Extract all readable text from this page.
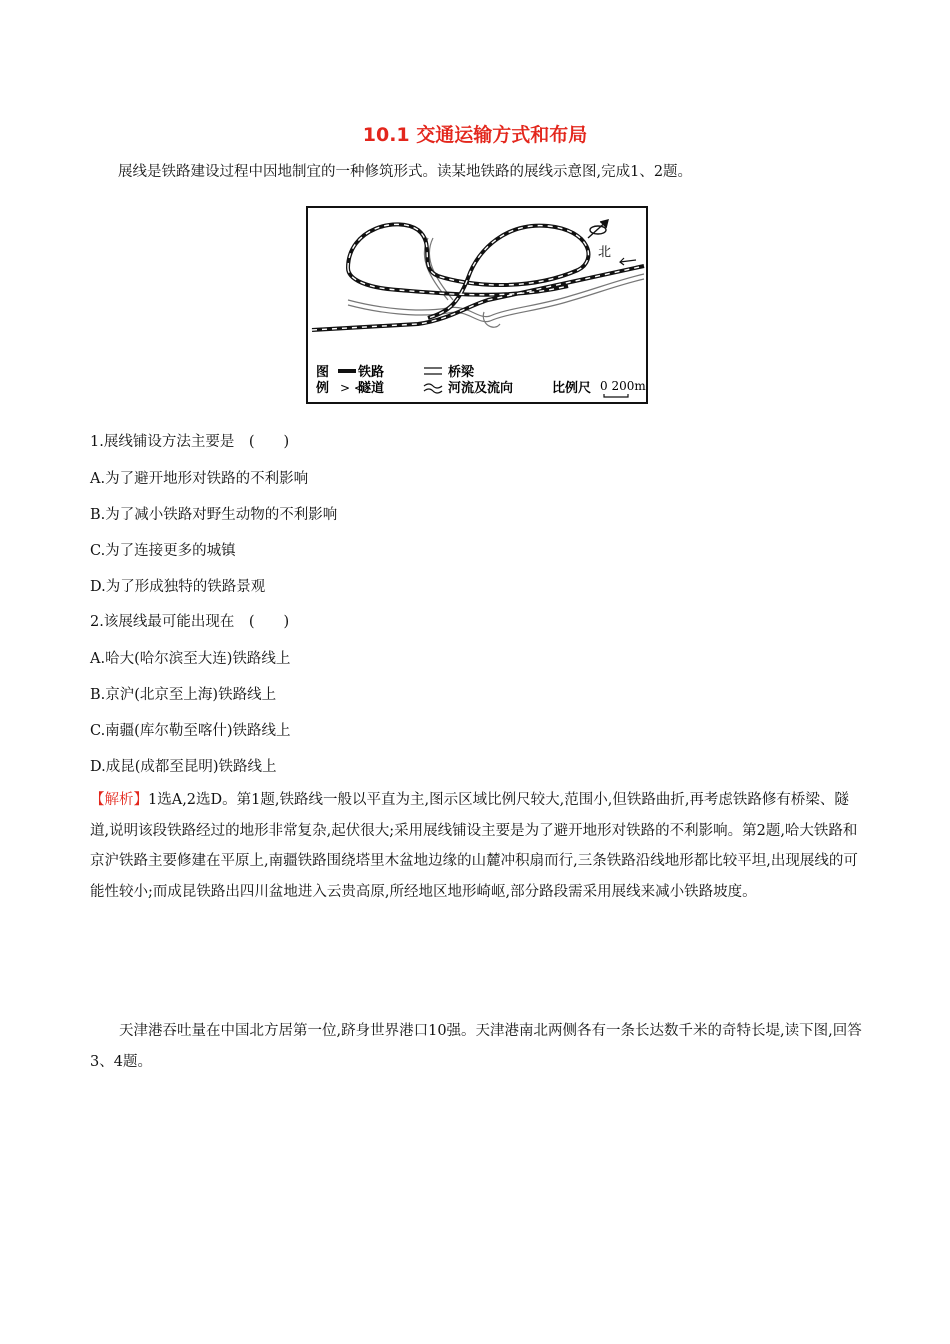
10.1 交通运输方式和布局
展线是铁路建设过程中因地制宜的一种修筑形式。读某地铁路的展线示意图,完成1、2题。
北
图
例
铁路
> <
隧道
桥梁
河流及流向	比例尺 0 200m
1.展线铺设方法主要是　(　　)
A.为了避开地形对铁路的不利影响
B.为了减小铁路对野生动物的不利影响
C.为了连接更多的城镇
D.为了形成独特的铁路景观
2.该展线最可能出现在　(　　)
A.哈大(哈尔滨至大连)铁路线上
B.京沪(北京至上海)铁路线上
C.南疆(库尔勒至喀什)铁路线上
D.成昆(成都至昆明)铁路线上
【解析】1选A,2选D。第1题,铁路线一般以平直为主,图示区域比例尺较大,范围小,但铁路曲折,再考虑铁路修有桥梁、隧道,说明该段铁路经过的地形非常复杂,起伏很大;采用展线铺设主要是为了避开地形对铁路的不利影响。第2题,哈大铁路和京沪铁路主要修建在平原上,南疆铁路围绕塔里木盆地边缘的山麓冲积扇而行,三条铁路沿线地形都比较平坦,出现展线的可能性较小;而成昆铁路出四川盆地进入云贵高原,所经地区地形崎岖,部分路段需采用展线来减小铁路坡度。
天津港吞吐量在中国北方居第一位,跻身世界港口10强。天津港南北两侧各有一条长达数千米的奇特长堤,读下图,回答3、4题。
